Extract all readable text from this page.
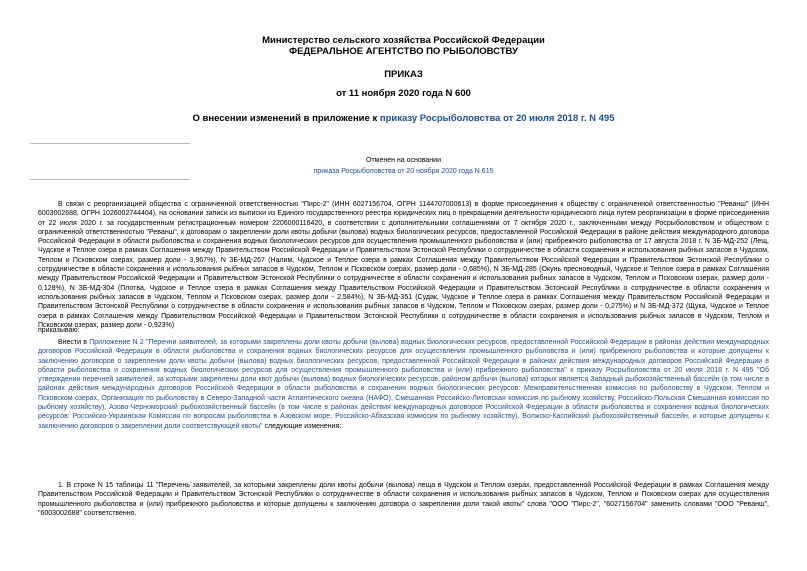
Министерство сельского хозяйства Российской Федерации
ФЕДЕРАЛЬНОЕ АГЕНТСТВО ПО РЫБОЛОВСТВУ
ПРИКАЗ
от 11 ноября 2020 года N 600
О внесении изменений в приложение к приказу Росрыболовства от 20 июля 2018 г. N 495
Отменен на основании
приказа Росрыболовства от 20 ноября 2020 года N 615

В связи с реорганизацией общества с ограниченной ответственностью "Пирс-2" (ИНН 6027156704, ОГРН 1144707000613) в форме присоединения к обществу с ограниченной ответственностью "Реванш" (ИНН 6003002688, ОГРН 1026002744404), на основании записи из выписки из Единого государственного реестра юридических лиц о прекращении деятельности юридического лица путем реорганизации в форме присоединения от 22 июля 2020 г. за государственным регистрационным номером 2206000116420, в соответствии с дополнительными соглашениями от 7 октября 2020 г., заключенными между Росрыболовством и обществом с ограниченной ответственностью "Реванш", к договорам о закреплении доли квоты добычи (вылова) водных биологических ресурсов, предоставленной Российской Федерации в районе действия международного договора Российской Федерации в области рыболовства и сохранения водных биологических ресурсов для осуществления промышленного рыболовства и (или) прибрежного рыболовства от 17 августа 2018 г. N ЗБ-МД-252 (Лещ, Чудское и Теплое озера в рамках Соглашения между Правительством Российской Федерации и Правительством Эстонской Республики о сотрудничестве в области сохранения и использования рыбных запасов в Чудском, Теплом и Псковском озерах, размер доли - 3,967%), N ЗБ-МД-267 (Налим, Чудское и Теплое озера в рамках Соглашения между Правительством Российской Федерации и Правительством Эстонской Республики о сотрудничестве в области сохранения и использования рыбных запасов в Чудском, Теплом и Псковском озерах, размер доли - 0,685%), N ЗБ-МД-285 (Окунь пресноводный, Чудское и Теплое озера в рамках Соглашения между Правительством Российской Федерации и Правительством Эстонской Республики о сотрудничестве в области сохранения и использования рыбных запасов в Чудском, Теплом и Псковском озерах, размер доли - 0,128%), N ЗБ-МД-304 (Плотва, Чудское и Теплое озера в рамках Соглашения между Правительством Российской Федерации и Правительством Эстонской Республики о сотрудничестве в области сохранения и использования рыбных запасов в Чудском, Теплом и Псковском озерах, размер доли - 2,584%), N ЗБ-МД-351 (Судак, Чудское и Теплое озера в рамках Соглашения между Правительством Российской Федерации и Правительством Эстонской Республики о сотрудничестве в области сохранения и использования рыбных запасов в Чудском, Теплом и Псковском озерах, размер доли - 0,275%) и N ЗБ-МД-372 (Щука, Чудское и Теплое озера в рамках Соглашения между Правительством Российской Федерации и Правительством Эстонской Республики о сотрудничестве в области сохранения и использования рыбных запасов в Чудском, Теплом и Псковском озерах, размер доли - 0,923%)

приказываю:

Внести в Приложение N 2 "Перечни заявителей, за которыми закреплены доли квоты добычи (вылова) водных биологических ресурсов, предоставленной Российской Федерации в районах действия международных договоров Российской Федерации в области рыболовства и сохранения водных биологических ресурсов для осуществления промышленного рыболовства и (или) прибрежного рыболовства и которые допущены к заключению договоров о закреплении доли квоты добычи (вылова) водных биологических ресурсов, предоставленной Российской Федерации в районах действия международных договоров Российской Федерации в области рыболовства и сохранения водных биологических ресурсов для осуществления промышленного рыболовства и (или) прибрежного рыболовства" к приказу Росрыболовства от 20 июля 2018 г. N 495 "Об утверждении перечней заявителей, за которыми закреплены доли квот добычи (вылова) водных биологических ресурсов, районом добычи (вылова) которых является Западный рыбохозяйственный бассейн (в том числе в районах действия международных договоров Российской Федерации в области рыболовства и сохранения водных биологических ресурсов: Межправительственная комиссия по рыболовству в Чудском, Теплом и Псковском озерах, Организация по рыболовству в Северо-Западной части Атлантического океана (НАФО), Смешанная Российско-Литовская комиссия по рыбному хозяйству, Российско-Польская Смешанная комиссия по рыбному хозяйству), Азово-Черноморский рыбохозяйственный бассейн (в том числе в районах действия международных договоров Российской Федерации в области рыболовства и сохранения водных биологических ресурсов: Российско-Украинская Комиссия по вопросам рыболовства в Азовском море, Российско-Абхазская комиссия по рыбному хозяйству), Волжско-Каспийский рыбохозяйственный бассейн, и которые допущены к заключению договоров о закреплении доли соответствующей квоты" следующие изменения:

1. В строке N 15 таблицы 11 "Перечень заявителей, за которыми закреплены доли квоты добычи (вылова) леща в Чудском и Теплом озерах, предоставленной Российской Федерации в рамках Соглашения между Правительством Российской Федерации и Правительством Эстонской Республики о сотрудничестве в области сохранения и использования рыбных запасов в Чудском, Теплом и Псковском озерах для осуществления промышленного рыболовства и (или) прибрежного рыболовства и которые допущены к заключению договора о закреплении доли такой квоты" слова "ООО "Пирс-2", "6027156704" заменить словами "ООО "Реванш", "6003002688" соответственно.
